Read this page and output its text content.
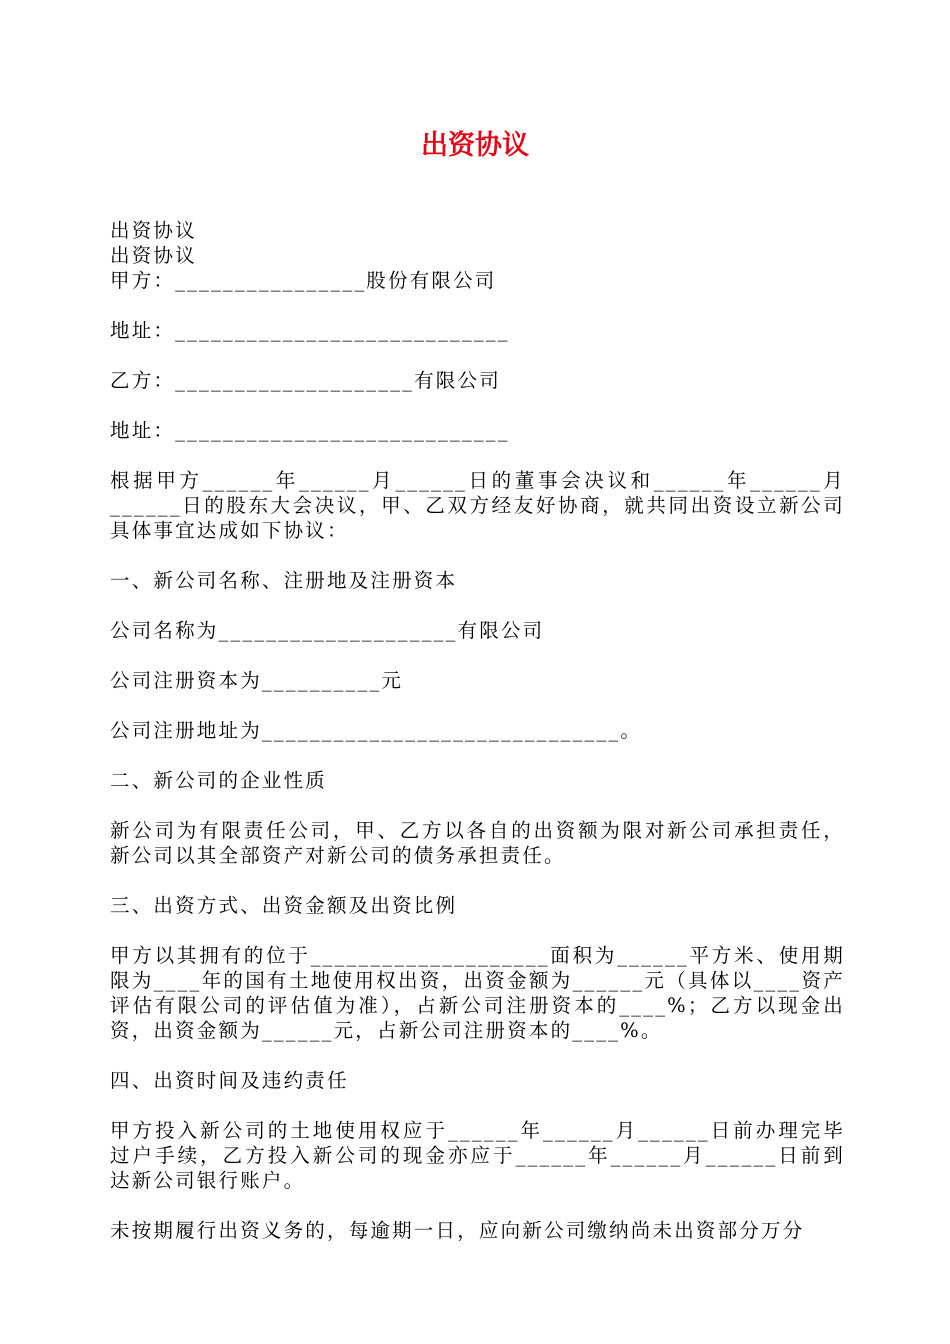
出资协议
出资协议
出资协议
甲方：________________股份有限公司
地址：____________________________
乙方：____________________有限公司
地址：____________________________
根据甲方______年______月______日的董事会决议和______年______月______日的股东大会决议，甲、乙双方经友好协商，就共同出资设立新公司具体事宜达成如下协议：
一、新公司名称、注册地及注册资本
公司名称为____________________有限公司
公司注册资本为__________元
公司注册地址为______________________________。
二、新公司的企业性质
新公司为有限责任公司，甲、乙方以各自的出资额为限对新公司承担责任，新公司以其全部资产对新公司的债务承担责任。
三、出资方式、出资金额及出资比例
甲方以其拥有的位于____________________面积为______平方米、使用期限为____年的国有土地使用权出资，出资金额为______元（具体以____资产评估有限公司的评估值为准），占新公司注册资本的____%；乙方以现金出资，出资金额为______元，占新公司注册资本的____%。
四、出资时间及违约责任
甲方投入新公司的土地使用权应于______年______月______日前办理完毕过户手续，乙方投入新公司的现金亦应于______年______月______日前到达新公司银行账户。
未按期履行出资义务的，每逾期一日，应向新公司缴纳尚未出资部分万分
